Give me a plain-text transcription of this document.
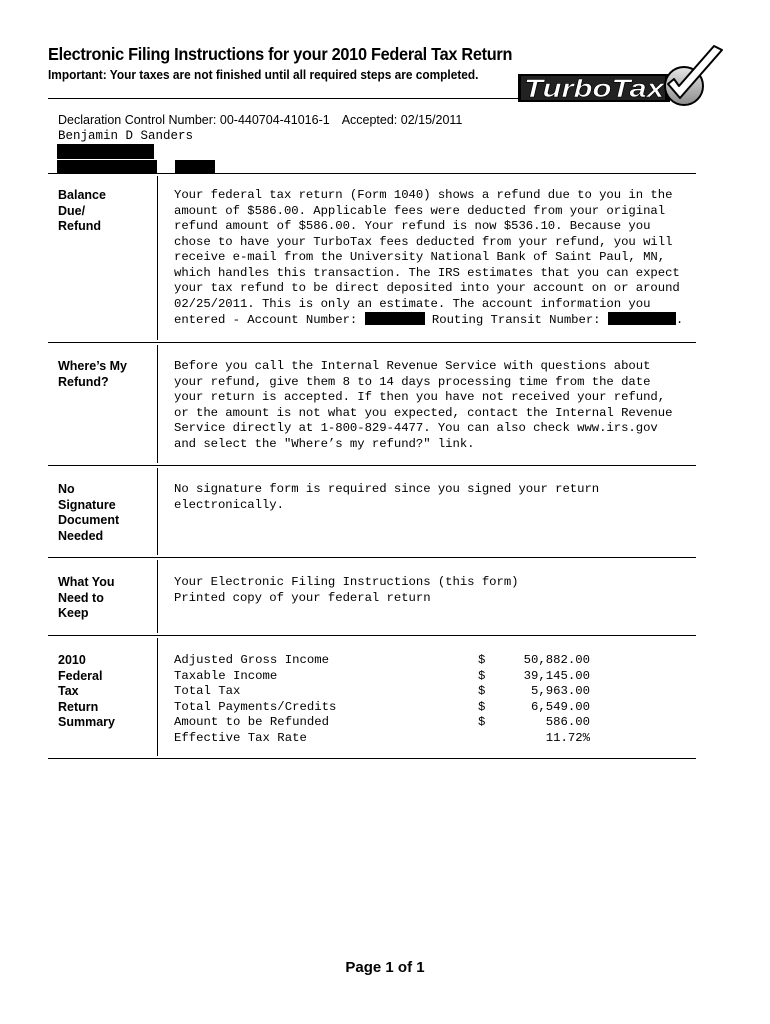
Electronic Filing Instructions for your 2010 Federal Tax Return
Important: Your taxes are not finished until all required steps are completed. TurboTax
Declaration Control Number: 00-440704-41016-1 Accepted: 02/15/2011
Benjamin D Sanders
Balance
Due/
Refund
Your federal tax return (Form 1040) shows a refund due to you in the
amount of $586.00. Applicable fees were deducted from your original
refund amount of $586.00. Your refund is now $536.10. Because you
chose to have your TurboTax fees deducted from your refund, you will
receive e-mail from the University National Bank of Saint Paul, MN,
which handles this transaction. The IRS estimates that you can expect
your tax refund to be direct deposited into your account on or around
02/25/2011. This is only an estimate. The account information you
entered - Account Number:	Routing Transit Number:	.
Where’s My
Refund?
Before you call the Internal Revenue Service with questions about
your refund, give them 8 to 14 days processing time from the date
your return is accepted. If then you have not received your refund,
or the amount is not what you expected, contact the Internal Revenue
Service directly at 1-800-829-4477. You can also check www.irs.gov
and select the "Where’s my refund?" link.
No
Signature
Document
Needed
No signature form is required since you signed your return
electronically.
What You
Need to
Keep
Your Electronic Filing Instructions (this form)
Printed copy of your federal return
2010
Federal
Tax
Return
Summary
Adjusted Gross Income	$	50,882.00
Taxable Income	$	39,145.00
Total Tax	$	5,963.00
Total Payments/Credits	$	6,549.00
Amount to be Refunded	$	586.00
Effective Tax Rate		11.72%
Page 1 of 1
